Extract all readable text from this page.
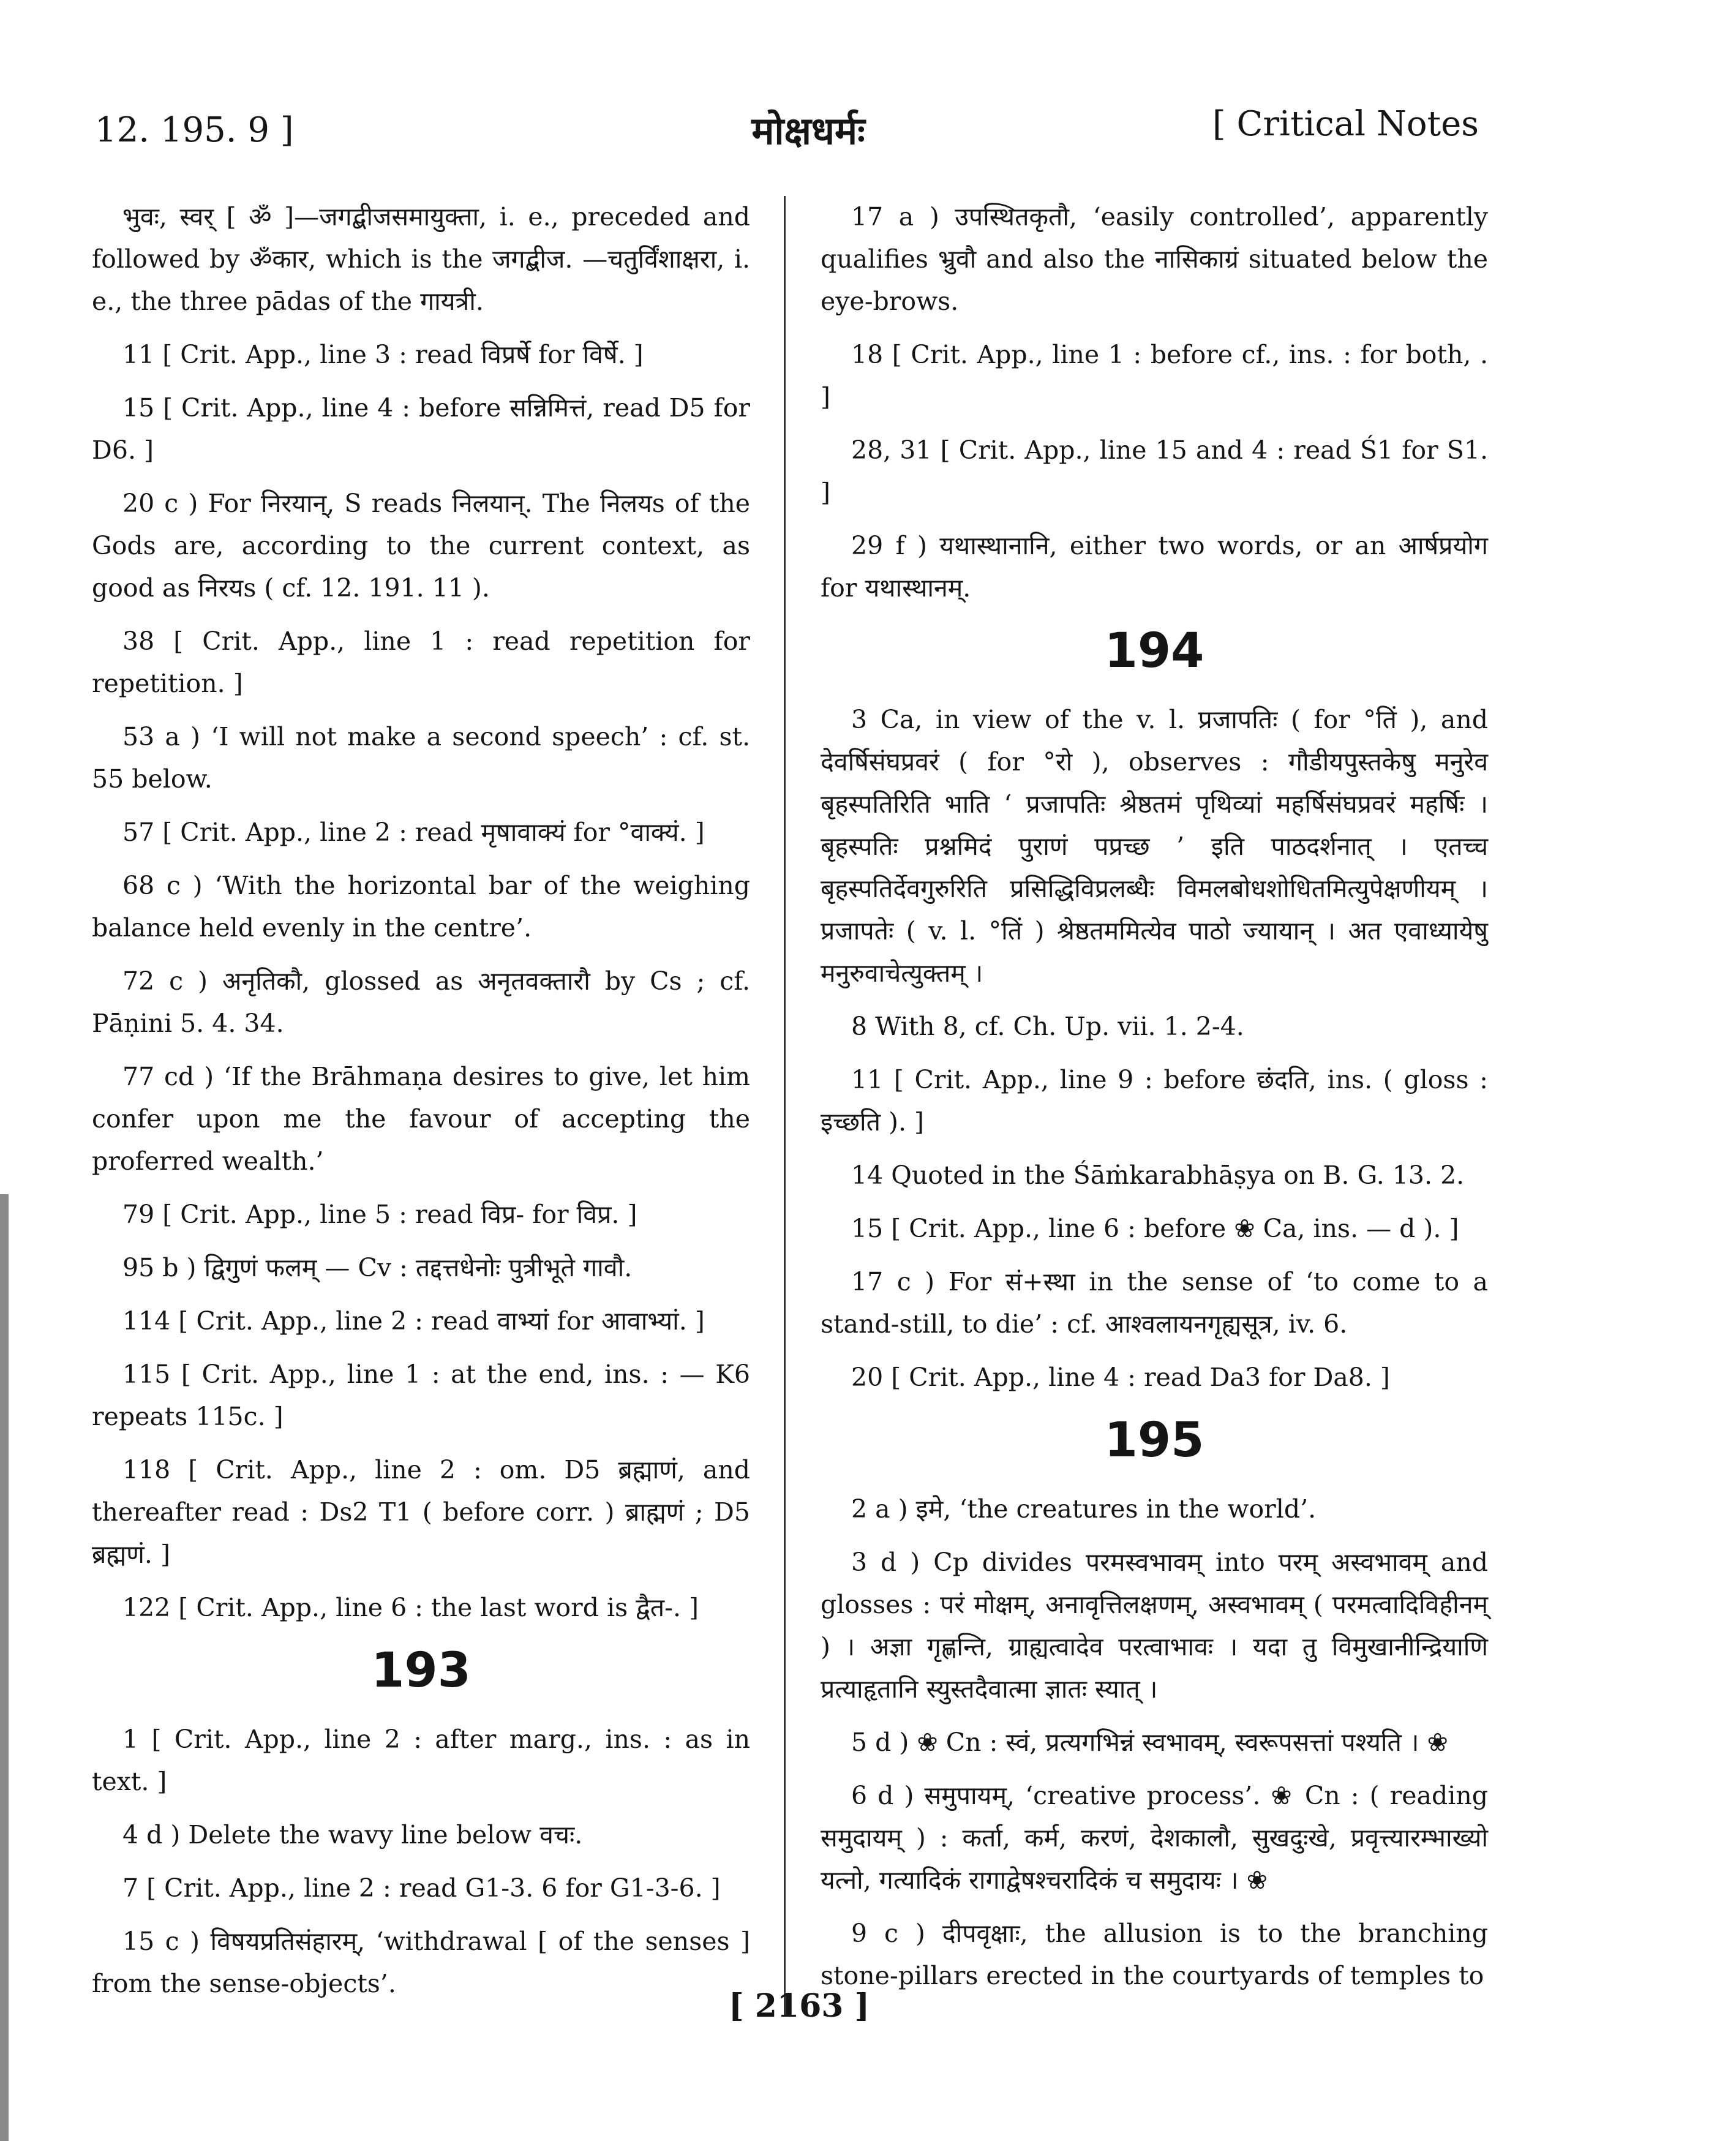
12. 195. 9 ]	मोक्षधर्मः	[ Critical Notes

भुवः, स्वर् [ ॐ ]—जगद्बीजसमायुक्ता, i. e., preceded and followed by ॐकार, which is the जगद्बीज. —चतुर्विंशाक्षरा, i. e., the three pādas of the गायत्री.

11 [ Crit. App., line 3 : read विप्रर्षे for विर्षे. ]

15 [ Crit. App., line 4 : before सन्निमित्तं, read D5 for D6. ]

20 c ) For निरयान्, S reads निलयान्. The निलयs of the Gods are, according to the current context, as good as निरयs ( cf. 12. 191. 11 ).

38 [ Crit. App., line 1 : read repetition for repetition. ]

53 a ) ‘I will not make a second speech’ : cf. st. 55 below.

57 [ Crit. App., line 2 : read मृषावाक्यं for °वाक्यं. ]

68 c ) ‘With the horizontal bar of the weighing balance held evenly in the centre’.

72 c ) अनृतिकौ, glossed as अनृतवक्तारौ by Cs ; cf. Pāṇini 5. 4. 34.

77 cd ) ‘If the Brāhmaṇa desires to give, let him confer upon me the favour of accepting the proferred wealth.’

79 [ Crit. App., line 5 : read विप्र- for विप्र. ]

95 b ) द्विगुणं फलम् — Cv : तद्दत्तधेनोः पुत्रीभूते गावौ.

114 [ Crit. App., line 2 : read वाभ्यां for आवाभ्यां. ]

115 [ Crit. App., line 1 : at the end, ins. : — K6 repeats 115c. ]

118 [ Crit. App., line 2 : om. D5 ब्रह्माणं, and thereafter read : Ds2 T1 ( before corr. ) ब्राह्मणं ; D5 ब्रह्मणं. ]

122 [ Crit. App., line 6 : the last word is द्वैत-. ]

193

1 [ Crit. App., line 2 : after marg., ins. : as in text. ]

4 d ) Delete the wavy line below वचः.

7 [ Crit. App., line 2 : read G1-3. 6 for G1-3-6. ]

15 c ) विषयप्रतिसंहारम्, ‘withdrawal [ of the senses ] from the sense-objects’.

17 a ) उपस्थितकृतौ, ‘easily controlled’, apparently qualifies भ्रुवौ and also the नासिकाग्रं situated below the eye-brows.

18 [ Crit. App., line 1 : before cf., ins. : for both, . ]

28, 31 [ Crit. App., line 15 and 4 : read Ś1 for S1. ]

29 f ) यथास्थानानि, either two words, or an आर्षप्रयोग for यथास्थानम्.

194

3 Ca, in view of the v. l. प्रजापतिः ( for °तिं ), and देवर्षिसंघप्रवरं ( for °रो ), observes : गौडीयपुस्तकेषु मनुरेव बृहस्पतिरिति भाति ‘ प्रजापतिः श्रेष्ठतमं पृथिव्यां महर्षिसंघप्रवरं महर्षिः । बृहस्पतिः प्रश्नमिदं पुराणं पप्रच्छ ’ इति पाठदर्शनात् । एतच्च बृहस्पतिर्देवगुरुरिति प्रसिद्धिविप्रलब्धैः विमलबोधशोधितमित्युपेक्षणीयम् । प्रजापतेः ( v. l. °तिं ) श्रेष्ठतममित्येव पाठो ज्यायान् । अत एवाध्यायेषु मनुरुवाचेत्युक्तम् ।

8 With 8, cf. Ch. Up. vii. 1. 2-4.

11 [ Crit. App., line 9 : before छंदति, ins. ( gloss : इच्छति ). ]

14 Quoted in the Śāṁkarabhāṣya on B. G. 13. 2.

15 [ Crit. App., line 6 : before ❀ Ca, ins. — d ). ]

17 c ) For सं+स्था in the sense of ‘to come to a stand-still, to die’ : cf. आश्वलायनगृह्यसूत्र, iv. 6.

20 [ Crit. App., line 4 : read Da3 for Da8. ]

195

2 a ) इमे, ‘the creatures in the world’.

3 d ) Cp divides परमस्वभावम् into परम् अस्वभावम् and glosses : परं मोक्षम्, अनावृत्तिलक्षणम्, अस्वभावम् ( परमत्वादिविहीनम् ) । अज्ञा गृह्णन्ति, ग्राह्यत्वादेव परत्वाभावः । यदा तु विमुखानीन्द्रियाणि प्रत्याहृतानि स्युस्तदैवात्मा ज्ञातः स्यात् ।

5 d ) ❀ Cn : स्वं, प्रत्यगभिन्नं स्वभावम्, स्वरूपसत्तां पश्यति । ❀

6 d ) समुपायम्, ‘creative process’. ❀ Cn : ( reading समुदायम् ) : कर्ता, कर्म, करणं, देशकालौ, सुखदुःखे, प्रवृत्त्यारम्भाख्यो यत्नो, गत्यादिकं रागाद्वेषश्चरादिकं च समुदायः । ❀

9 c ) दीपवृक्षाः, the allusion is to the branching stone-pillars erected in the courtyards of temples to

[ 2163 ]
